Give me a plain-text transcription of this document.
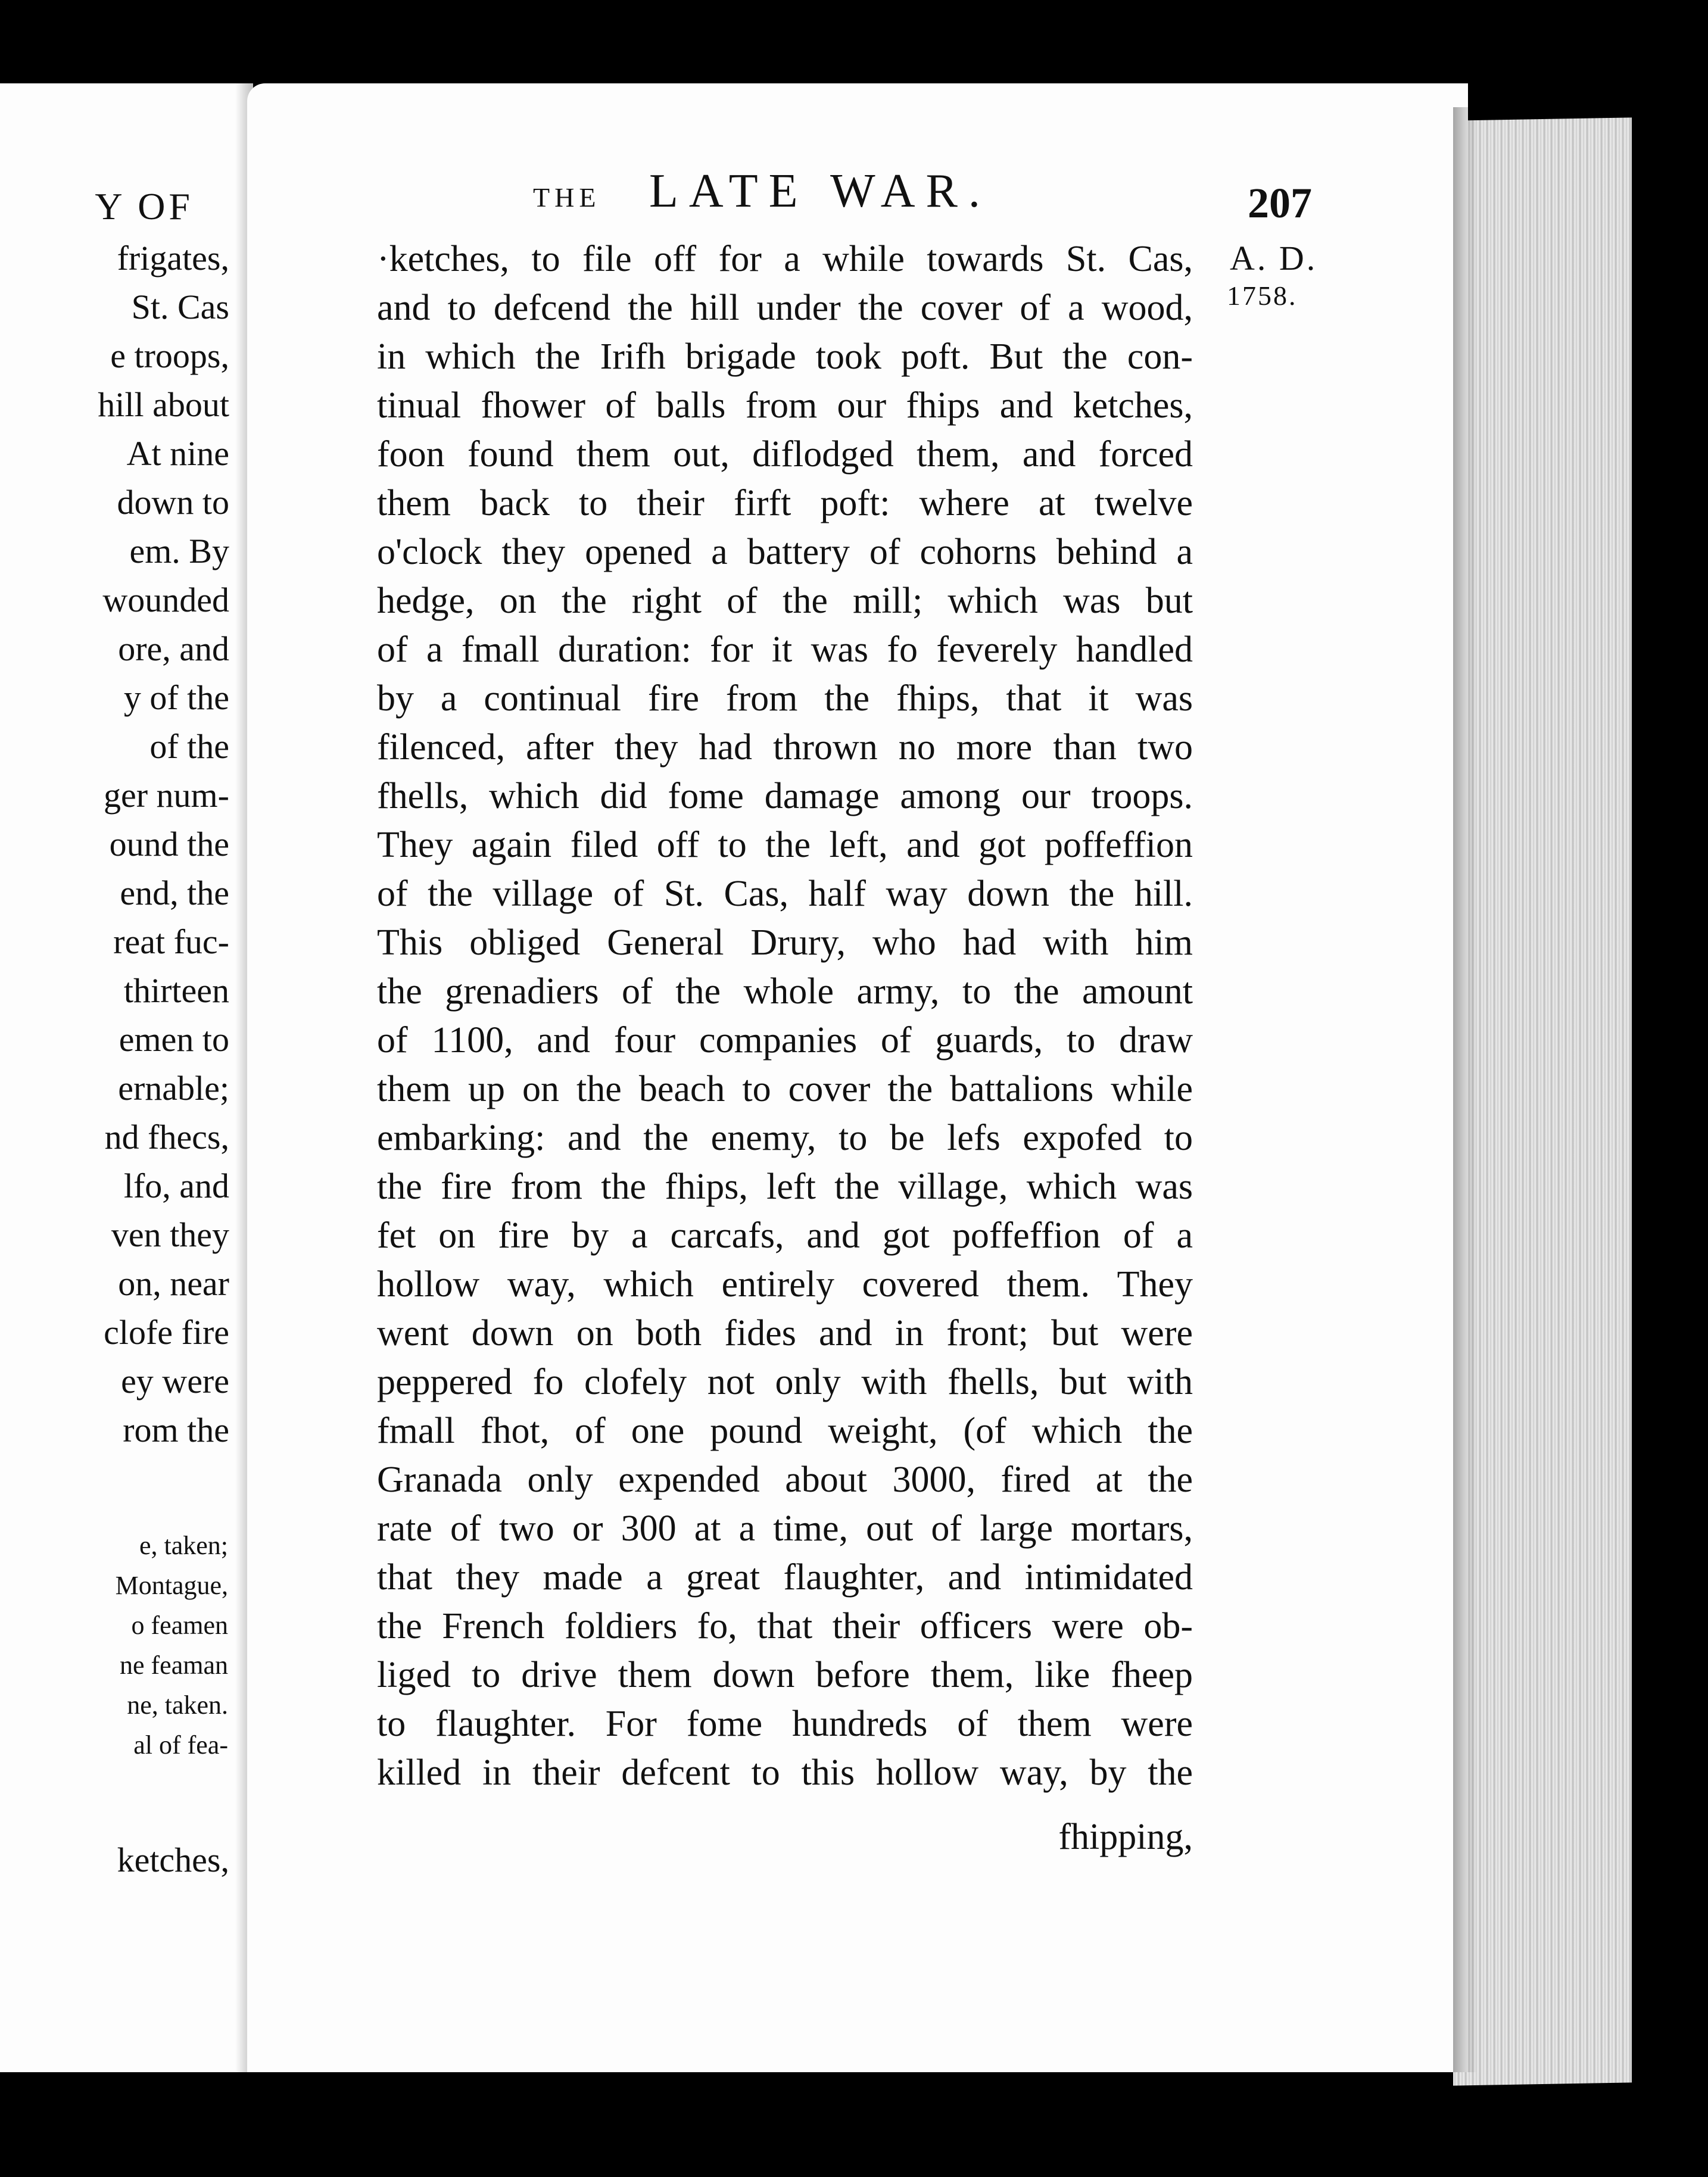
Y OF
frigates,
St. Cas
e troops,
hill about
At nine
down to
em. By
wounded
ore, and
y of the
of the
ger num-
ound the
end, the
reat fuc-
thirteen
emen to
ernable;
nd fhecs,
lfo, and
ven they
on, near
clofe fire
ey were
rom the
e, taken;
Montague,
o feamen
ne feaman
ne, taken.
al of fea-
ketches,
THE LATE WAR.	207
A. D.
1758.
·ketches, to file off for a while towards St. Cas,
and to defcend the hill under the cover of a wood,
in which the Irifh brigade took poft. But the con-
tinual fhower of balls from our fhips and ketches,
foon found them out, diflodged them, and forced
them back to their firft poft: where at twelve
o'clock they opened a battery of cohorns behind a
hedge, on the right of the mill; which was but
of a fmall duration: for it was fo feverely handled
by a continual fire from the fhips, that it was
filenced, after they had thrown no more than two
fhells, which did fome damage among our troops.
They again filed off to the left, and got poffeffion
of the village of St. Cas, half way down the hill.
This obliged General Drury, who had with him
the grenadiers of the whole army, to the amount
of 1100, and four companies of guards, to draw
them up on the beach to cover the battalions while
embarking: and the enemy, to be lefs expofed to
the fire from the fhips, left the village, which was
fet on fire by a carcafs, and got poffeffion of a
hollow way, which entirely covered them. They
went down on both fides and in front; but were
peppered fo clofely not only with fhells, but with
fmall fhot, of one pound weight, (of which the
Granada only expended about 3000, fired at the
rate of two or 300 at a time, out of large mortars,
that they made a great flaughter, and intimidated
the French foldiers fo, that their officers were ob-
liged to drive them down before them, like fheep
to flaughter. For fome hundreds of them were
killed in their defcent to this hollow way, by the
fhipping,
